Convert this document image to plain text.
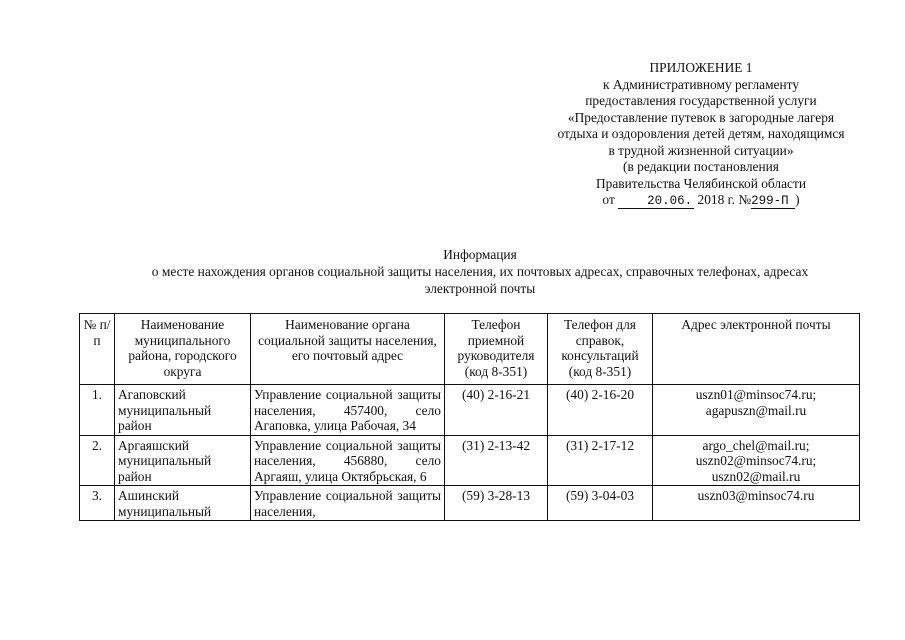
ПРИЛОЖЕНИЕ 1
к Административному регламенту
предоставления государственной услуги
«Предоставление путевок в загородные лагеря
отдыха и оздоровления детей детям, находящимся
в трудной жизненной ситуации»
(в редакции постановления
Правительства Челябинской области
от	20.06. 2018 г. №299-П )
Информация
о месте нахождения органов социальной защиты населения, их почтовых адресах, справочных телефонах, адресах
электронной почты
№ п/п	Наименование муниципального района, городского округа	Наименование органа социальной защиты населения, его почтовый адрес	Телефон приемной руководителя (код 8-351)	Телефон для справок, консультаций (код 8-351)	Адрес электронной почты
1.	Агаповский муниципальный район	Управление социальной защиты населения, 457400, село Агаповка, улица Рабочая, 34	(40) 2-16-21	(40) 2-16-20	uszn01@minsoc74.ru;
agapuszn@mail.ru

2.	Аргаяшский муниципальный район	Управление социальной защиты населения, 456880, село Аргаяш, улица Октябрьская, 6	(31) 2-13-42	(31) 2-17-12	argo_chel@mail.ru;
uszn02@minsoc74.ru;
uszn02@mail.ru

3.	Ашинский муниципальный	Управление социальной защиты населения,	(59) 3-28-13	(59) 3-04-03	uszn03@minsoc74.ru
